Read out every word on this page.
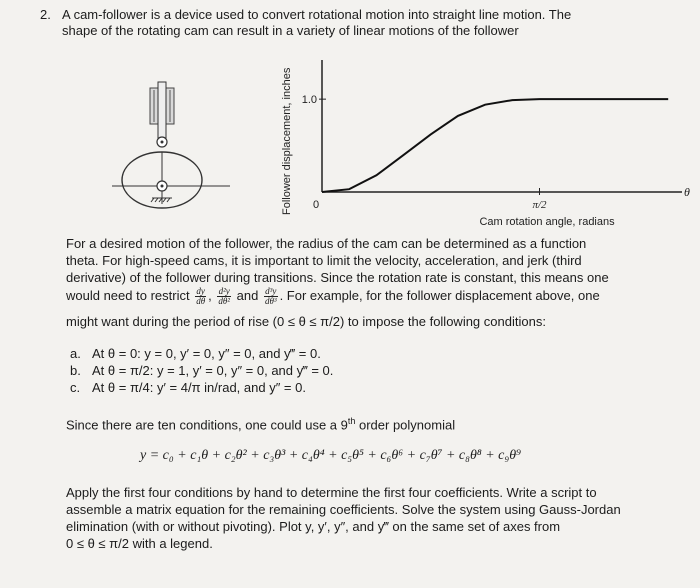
2. A cam-follower is a device used to convert rotational motion into straight line motion. The
shape of the rotating cam can result in a variety of linear motions of the follower
Follower displacement, inches 1.0
0	π/2
θ
Cam rotation angle, radians
For a desired motion of the follower, the radius of the cam can be determined as a function
theta. For high-speed cams, it is important to limit the velocity, acceleration, and jerk (third
derivative) of the follower during transitions. Since the rotation rate is constant, this means one
would need to restrict $\frac{dy}{d\theta}$ , $\frac{\text{d²y}}{\text{dθ²}}$ and $\frac{\text{d³y}}{\text{dθ³}}$ . For example, for the follower displacement above, one
might want during the period of rise (0 ≤ θ ≤ π/2) to impose the following conditions:
a. At θ = 0: y = 0, y′ = 0, y″ = 0, and y‴ = 0.
b. At θ = π/2: y = 1, y′ = 0, y″ = 0, and y‴ = 0.
c. At θ = π/4: y′ = 4/π in/rad, and y″ = 0.
Since there are ten conditions, one could use a 9th order polynomial
y = c₀ + c₁θ + c₂θ² + c₃θ³ + c₄θ⁴ + c₅θ⁵ + c₆θ⁶ + c₇θ⁷ + c₈θ⁸ + c₉θ⁹
Apply the first four conditions by hand to determine the first four coefficients. Write a script to
assemble a matrix equation for the remaining coefficients. Solve the system using Gauss-Jordan
elimination (with or without pivoting). Plot y, y′, y″, and y‴ on the same set of axes from
0 ≤ θ ≤ π/2 with a legend.
